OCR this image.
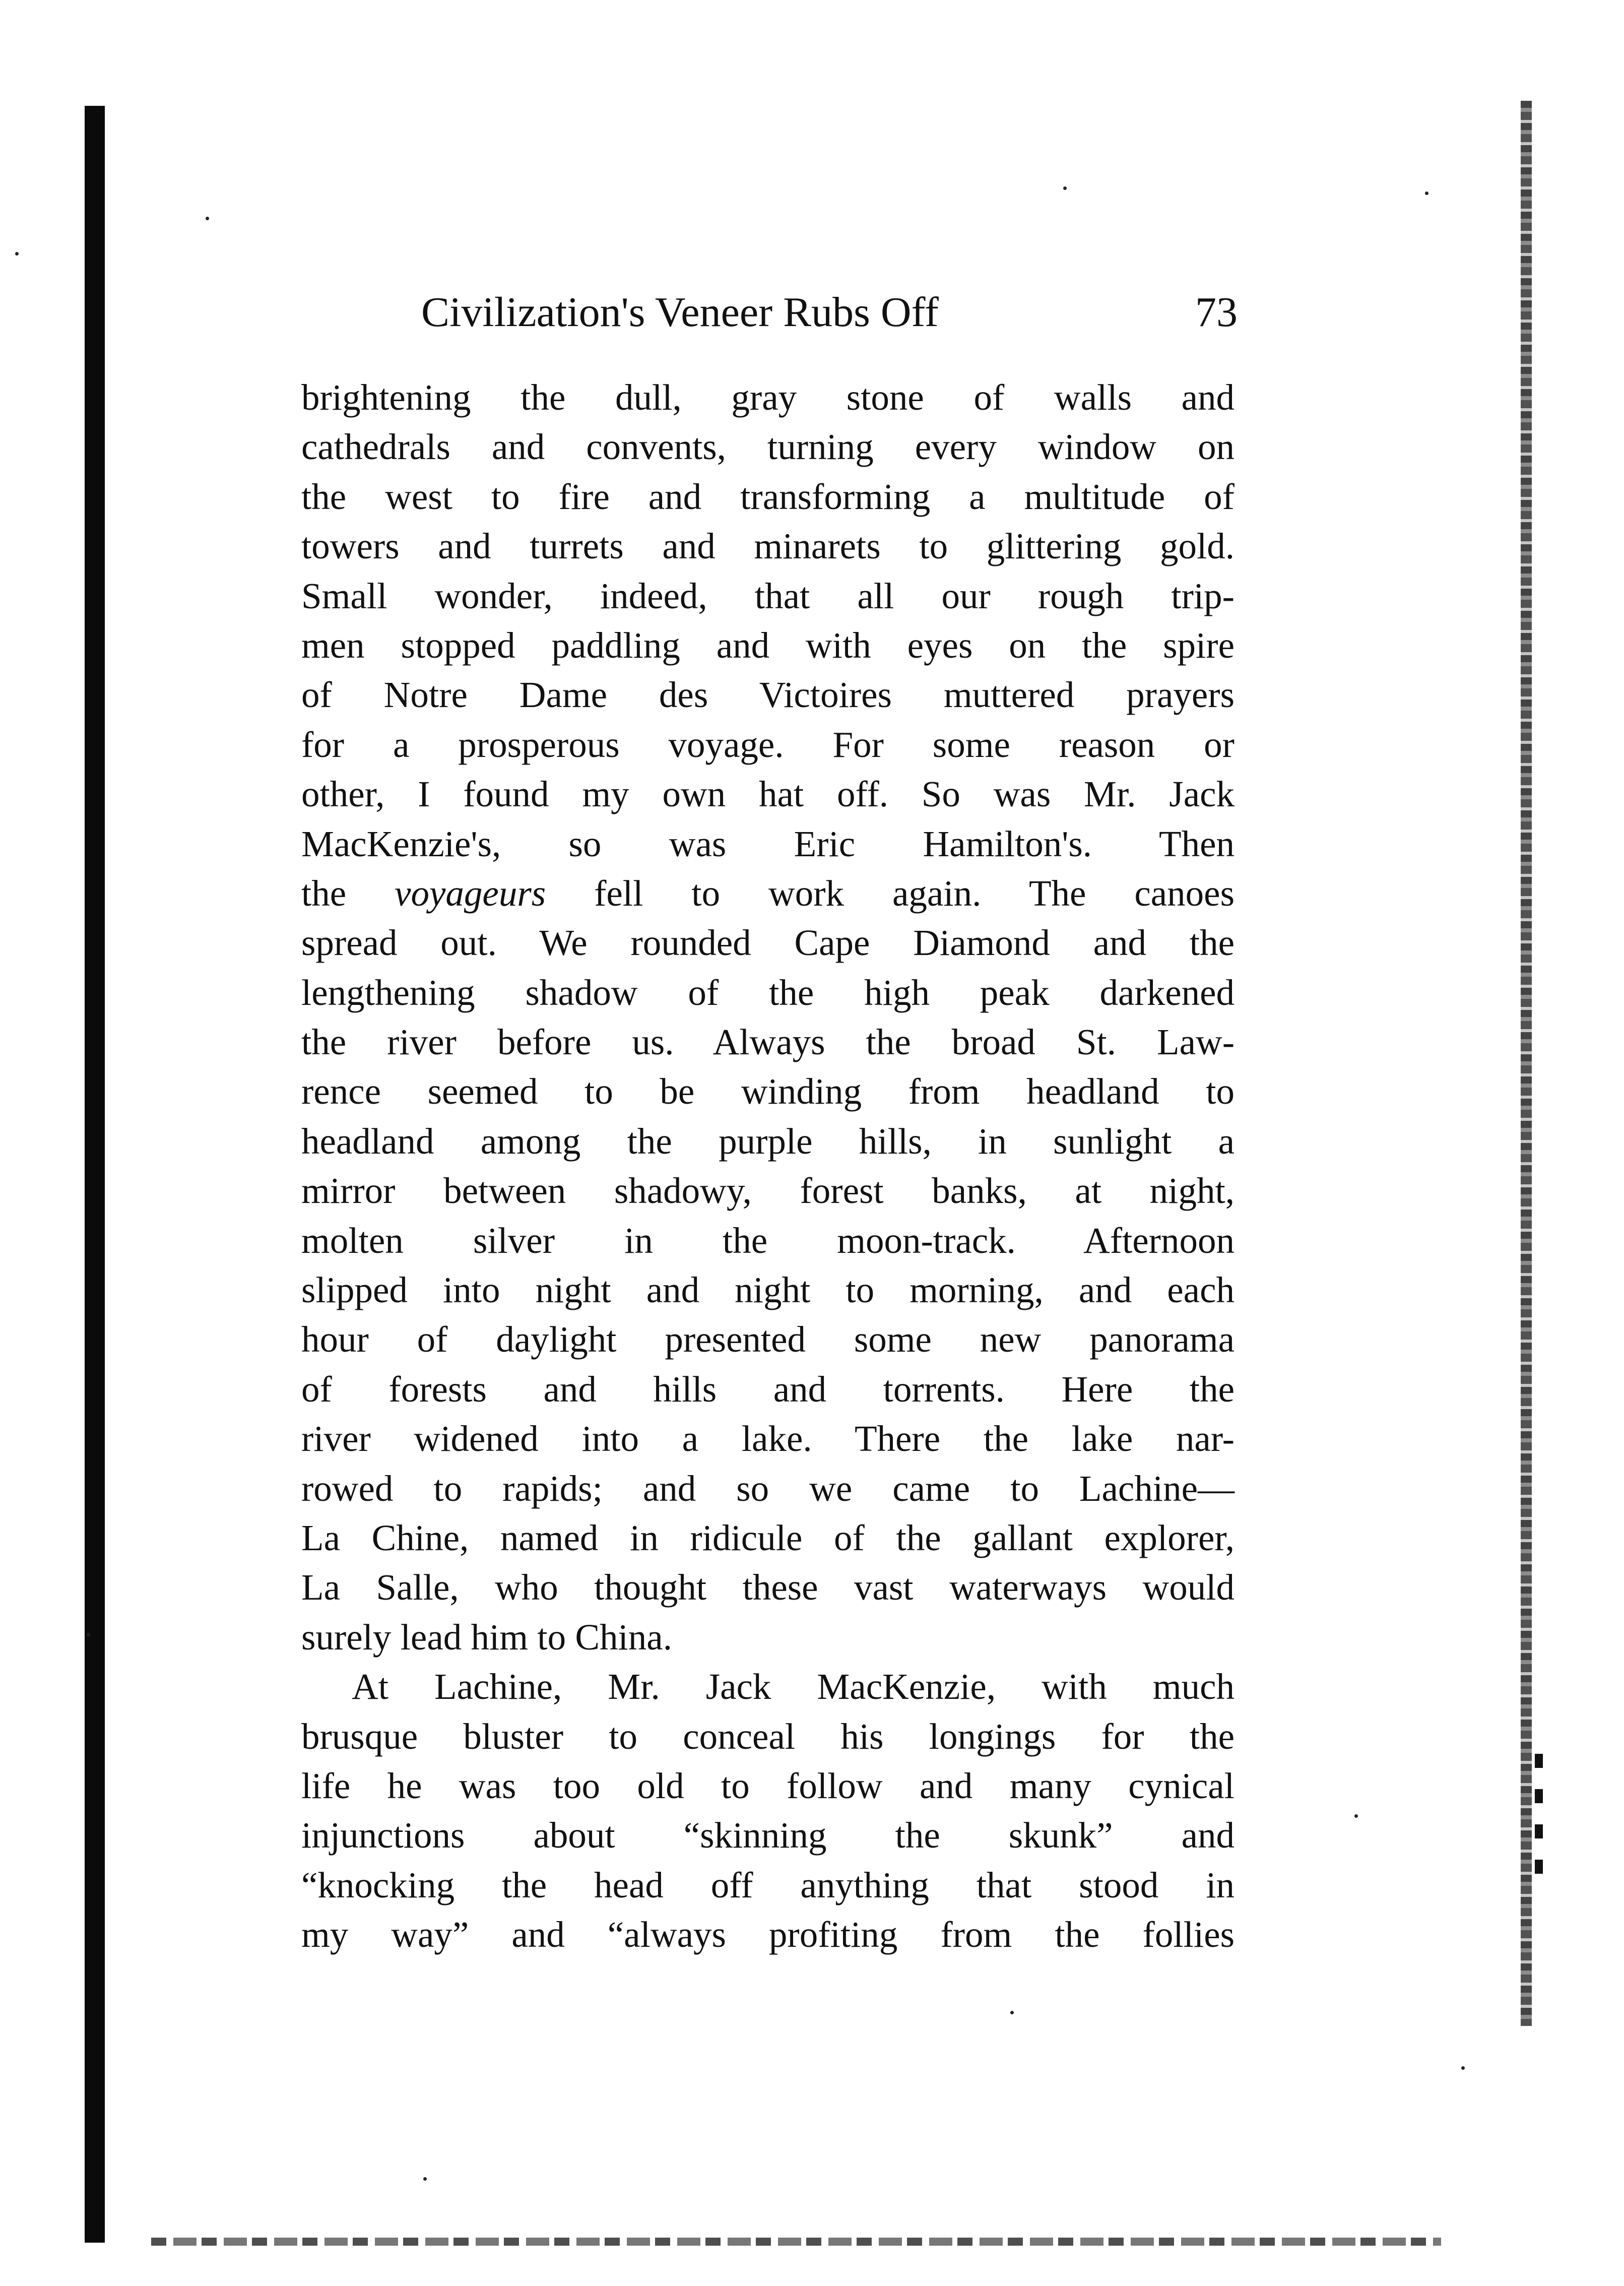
Civilization's Veneer Rubs Off	73
brightening the dull, gray stone of walls and
cathedrals and convents, turning every window on
the west to fire and transforming a multitude of
towers and turrets and minarets to glittering gold.
Small wonder, indeed, that all our rough trip-
men stopped paddling and with eyes on the spire
of Notre Dame des Victoires muttered prayers
for a prosperous voyage. For some reason or
other, I found my own hat off. So was Mr. Jack
MacKenzie's, so was Eric Hamilton's. Then
the voyageurs fell to work again. The canoes
spread out. We rounded Cape Diamond and the
lengthening shadow of the high peak darkened
the river before us. Always the broad St. Law-
rence seemed to be winding from headland to
headland among the purple hills, in sunlight a
mirror between shadowy, forest banks, at night,
molten silver in the moon-track. Afternoon
slipped into night and night to morning, and each
hour of daylight presented some new panorama
of forests and hills and torrents. Here the
river widened into a lake. There the lake nar-
rowed to rapids; and so we came to Lachine—
La Chine, named in ridicule of the gallant explorer,
La Salle, who thought these vast waterways would
surely lead him to China.
At Lachine, Mr. Jack MacKenzie, with much
brusque bluster to conceal his longings for the
life he was too old to follow and many cynical
injunctions about “skinning the skunk” and
“knocking the head off anything that stood in
my way” and “always profiting from the follies
